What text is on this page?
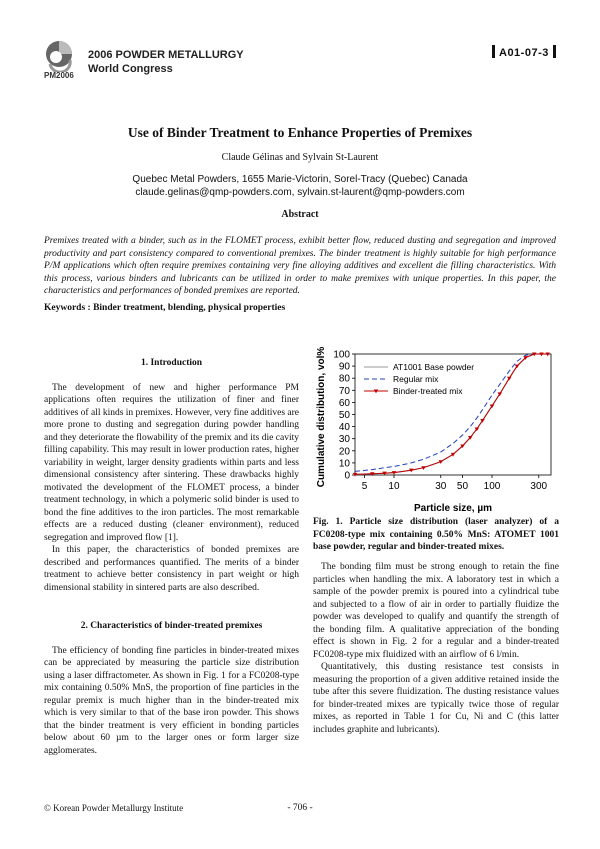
PM2006
2006 POWDER METALLURGY
World Congress
A01-07-3
Use of Binder Treatment to Enhance Properties of Premixes
Claude Gélinas and Sylvain St-Laurent
Quebec Metal Powders, 1655 Marie-Victorin, Sorel-Tracy (Quebec) Canada
claude.gelinas@qmp-powders.com, sylvain.st-laurent@qmp-powders.com
Abstract
Premixes treated with a binder, such as in the FLOMET process, exhibit better flow, reduced dusting and segregation and improved productivity and part consistency compared to conventional premixes. The binder treatment is highly suitable for high performance P/M applications which often require premixes containing very fine alloying additives and excellent die filling characteristics. With this process, various binders and lubricants can be utilized in order to make premixes with unique properties. In this paper, the characteristics and performances of bonded premixes are reported.
Keywords : Binder treatment, blending, physical properties
1. Introduction

The development of new and higher performance PM applications often requires the utilization of finer and finer additives of all kinds in premixes. However, very fine additives are more prone to dusting and segregation during powder handling and they deteriorate the flowability of the premix and its die cavity filling capability. This may result in lower production rates, higher variability in weight, larger density gradients within parts and less dimensional consistency after sintering. These drawbacks highly motivated the development of the FLOMET process, a binder treatment technology, in which a polymeric solid binder is used to bond the fine additives to the iron particles. The most remarkable effects are a reduced dusting (cleaner environment), reduced segregation and improved flow [1].

In this paper, the characteristics of bonded premixes are described and performances quantified. The merits of a binder treatment to achieve better consistency in part weight or high dimensional stability in sintered parts are also described.

2. Characteristics of binder-treated premixes

The efficiency of bonding fine particles in binder-treated mixes can be appreciated by measuring the particle size distribution using a laser diffractometer. As shown in Fig. 1 for a FC0208-type mix containing 0.50% MnS, the proportion of fine particles in the regular premix is much higher than in the binder-treated mix which is very similar to that of the base iron powder. This shows that the binder treatment is very efficient in bonding particles below about 60 µm to the larger ones or form larger size agglomerates.

0
10
20
30
40
50
60
70
80
90
100
5 10	30 50 100	300
AT1001 Base powder
Regular mix
Binder-treated mix
Particle size, µm
Cumulative distribution, vol%
Fig. 1. Particle size distribution (laser analyzer) of a FC0208-type mix containing 0.50% MnS: ATOMET 1001 base powder, regular and binder-treated mixes.

The bonding film must be strong enough to retain the fine particles when handling the mix. A laboratory test in which a sample of the powder premix is poured into a cylindrical tube and subjected to a flow of air in order to partially fluidize the powder was developed to qualify and quantify the strength of the bonding film. A qualitative appreciation of the bonding effect is shown in Fig. 2 for a regular and a binder-treated FC0208-type mix fluidized with an airflow of 6 l/min.

Quantitatively, this dusting resistance test consists in measuring the proportion of a given additive retained inside the tube after this severe fluidization. The dusting resistance values for binder-treated mixes are typically twice those of regular mixes, as reported in Table 1 for Cu, Ni and C (this latter includes graphite and lubricants).

© Korean Powder Metallurgy Institute	- 706 -
